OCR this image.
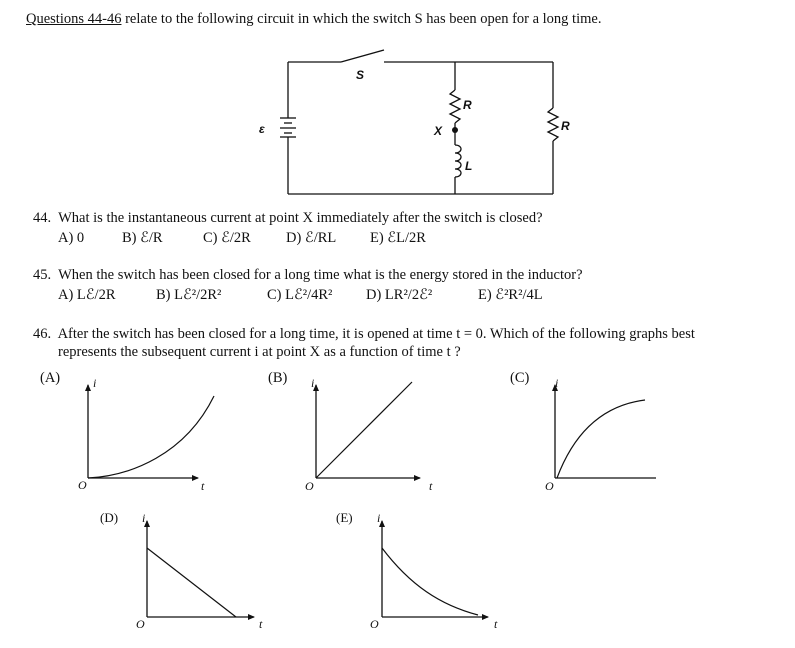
Questions 44-46 relate to the following circuit in which the switch S has been open for a long time.
S
ε
R
X
L
R
44. What is the instantaneous current at point X immediately after the switch is closed?
A) 0	B) ℰ/R	C) ℰ/2R D) ℰ/RL E) ℰL/2R
45. When the switch has been closed for a long time what is the energy stored in the inductor?
A) Lℰ/2R	B) Lℰ²/2R²	C) Lℰ²/4R² D) LR²/2ℰ²	E) ℰ²R²/4L
46. After the switch has been closed for a long time, it is opened at time t = 0. Which of the following graphs best
represents the subsequent current i at point X as a function of time t ?
(A)	(B)	(C)
(D)	(E)
O
i
t	O
i
t	O
i
O
i
t	O
i
t
